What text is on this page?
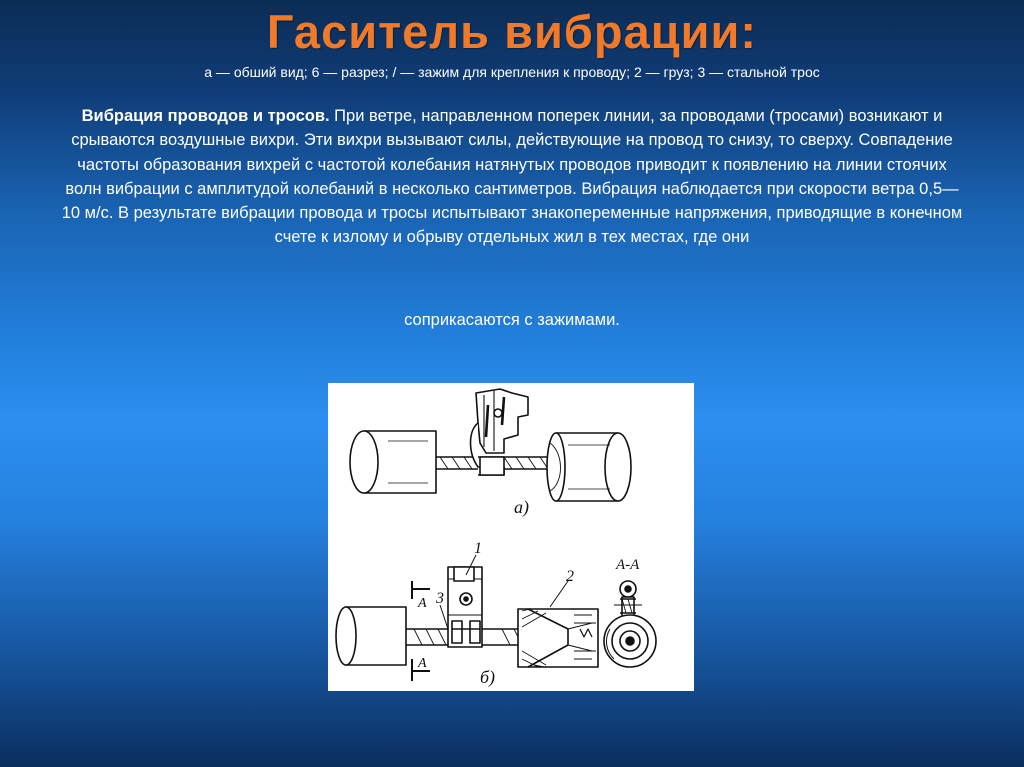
Гаситель вибрации:
а — обший вид; 6 — разрез; / — зажим для крепления к проводу; 2 — груз; 3 — стальной трос
Вибрация проводов и тросов. При ветре, направленном поперек линии, за проводами (тросами) возникают и срываются воздушные вихри. Эти вихри вызывают силы, действующие на провод то снизу, то сверху. Совпадение частоты образования вихрей с частотой колебания натянутых проводов приводит к появлению на линии стоячих волн вибрации с амплитудой колебаний в несколько сантиметров. Вибрация наблюдается при скорости ветра 0,5—10 м/с. В результате вибрации провода и тросы испытывают знакопеременные напряжения, приводящие в конечном счете к излому и обрыву отдельных жил в тех местах, где они
соприкасаются с зажимами.
а)
б)
1
2
3
A
A
А-А
